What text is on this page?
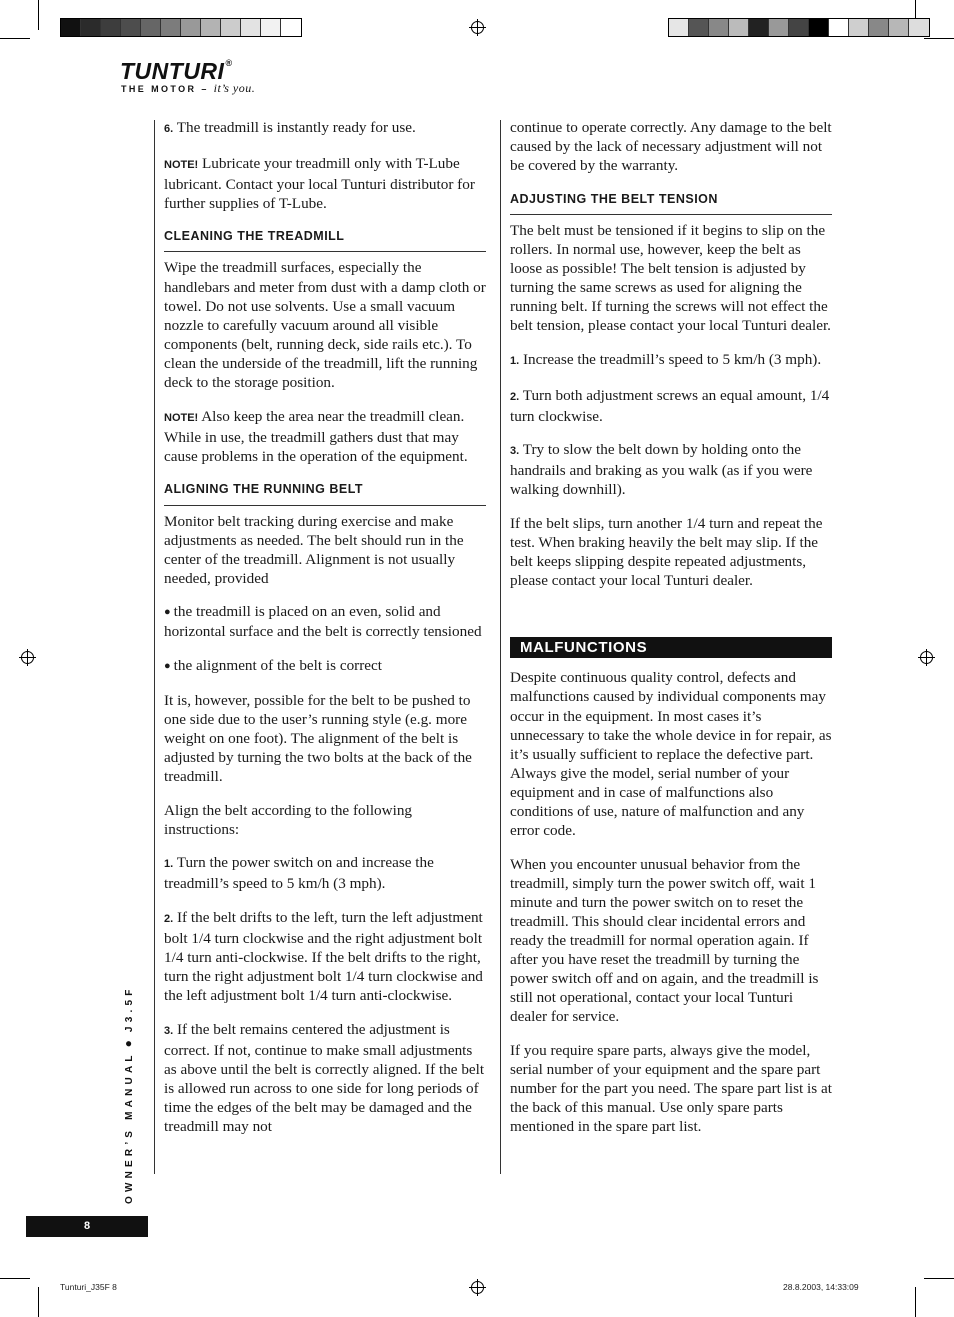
TUNTURI®
THE MOTOR – it’s you.

6. The treadmill is instantly ready for use.

NOTE! Lubricate your treadmill only with T-Lube lubricant. Contact your local Tunturi distributor for further supplies of T-Lube.

CLEANING THE TREADMILL

Wipe the treadmill surfaces, especially the handlebars and meter from dust with a damp cloth or towel. Do not use solvents. Use a small vacuum nozzle to carefully vacuum around all visible components (belt, running deck, side rails etc.). To clean the underside of the treadmill, lift the running deck to the storage position.

NOTE! Also keep the area near the treadmill clean. While in use, the treadmill gathers dust that may cause problems in the operation of the equipment.

ALIGNING THE RUNNING BELT

Monitor belt tracking during exercise and make adjustments as needed. The belt should run in the center of the treadmill. Alignment is not usually needed, provided

● the treadmill is placed on an even, solid and horizontal surface and the belt is correctly tensioned

● the alignment of the belt is correct

It is, however, possible for the belt to be pushed to one side due to the user’s running style (e.g. more weight on one foot). The alignment of the belt is adjusted by turning the two bolts at the back of the treadmill.

Align the belt according to the following instructions:

1. Turn the power switch on and increase the treadmill’s speed to 5 km/h (3 mph).

2. If the belt drifts to the left, turn the left adjustment bolt 1/4 turn clockwise and the right adjustment bolt 1/4 turn anti-clockwise. If the belt drifts to the right, turn the right adjustment bolt 1/4 turn clockwise and the left adjustment bolt 1/4 turn anti-clockwise.

3. If the belt remains centered the adjustment is correct. If not, continue to make small adjustments as above until the belt is correctly aligned. If the belt is allowed run across to one side for long periods of time the edges of the belt may be damaged and the treadmill may not

continue to operate correctly. Any damage to the belt caused by the lack of necessary adjustment will not be covered by the warranty.

ADJUSTING THE BELT TENSION

The belt must be tensioned if it begins to slip on the rollers. In normal use, however, keep the belt as loose as possible! The belt tension is adjusted by turning the same screws as used for aligning the running belt. If turning the screws will not effect the belt tension, please contact your local Tunturi dealer.

1. Increase the treadmill’s speed to 5 km/h (3 mph).

2. Turn both adjustment screws an equal amount, 1/4 turn clockwise.

3. Try to slow the belt down by holding onto the handrails and braking as you walk (as if you were walking downhill).

If the belt slips, turn another 1/4 turn and repeat the test. When braking heavily the belt may slip. If the belt keeps slipping despite repeated adjustments, please contact your local Tunturi dealer.

MALFUNCTIONS

Despite continuous quality control, defects and malfunctions caused by individual components may occur in the equipment. In most cases it’s unnecessary to take the whole device in for repair, as it’s usually sufficient to replace the defective part. Always give the model, serial number of your equipment and in case of malfunctions also conditions of use, nature of malfunction and any error code.

When you encounter unusual behavior from the treadmill, simply turn the power switch off, wait 1 minute and turn the power switch on to reset the treadmill. This should clear incidental errors and ready the treadmill for normal operation again. If after you have reset the treadmill by turning the power switch off and on again, and the treadmill is still not operational, contact your local Tunturi dealer for service.

If you require spare parts, always give the model, serial number of your equipment and the spare part number for the part you need. The spare part list is at the back of this manual. Use only spare parts mentioned in the spare part list.

OWNER’S MANUAL●J3.5F
8
Tunturi_J35F 8	28.8.2003, 14:33:09
